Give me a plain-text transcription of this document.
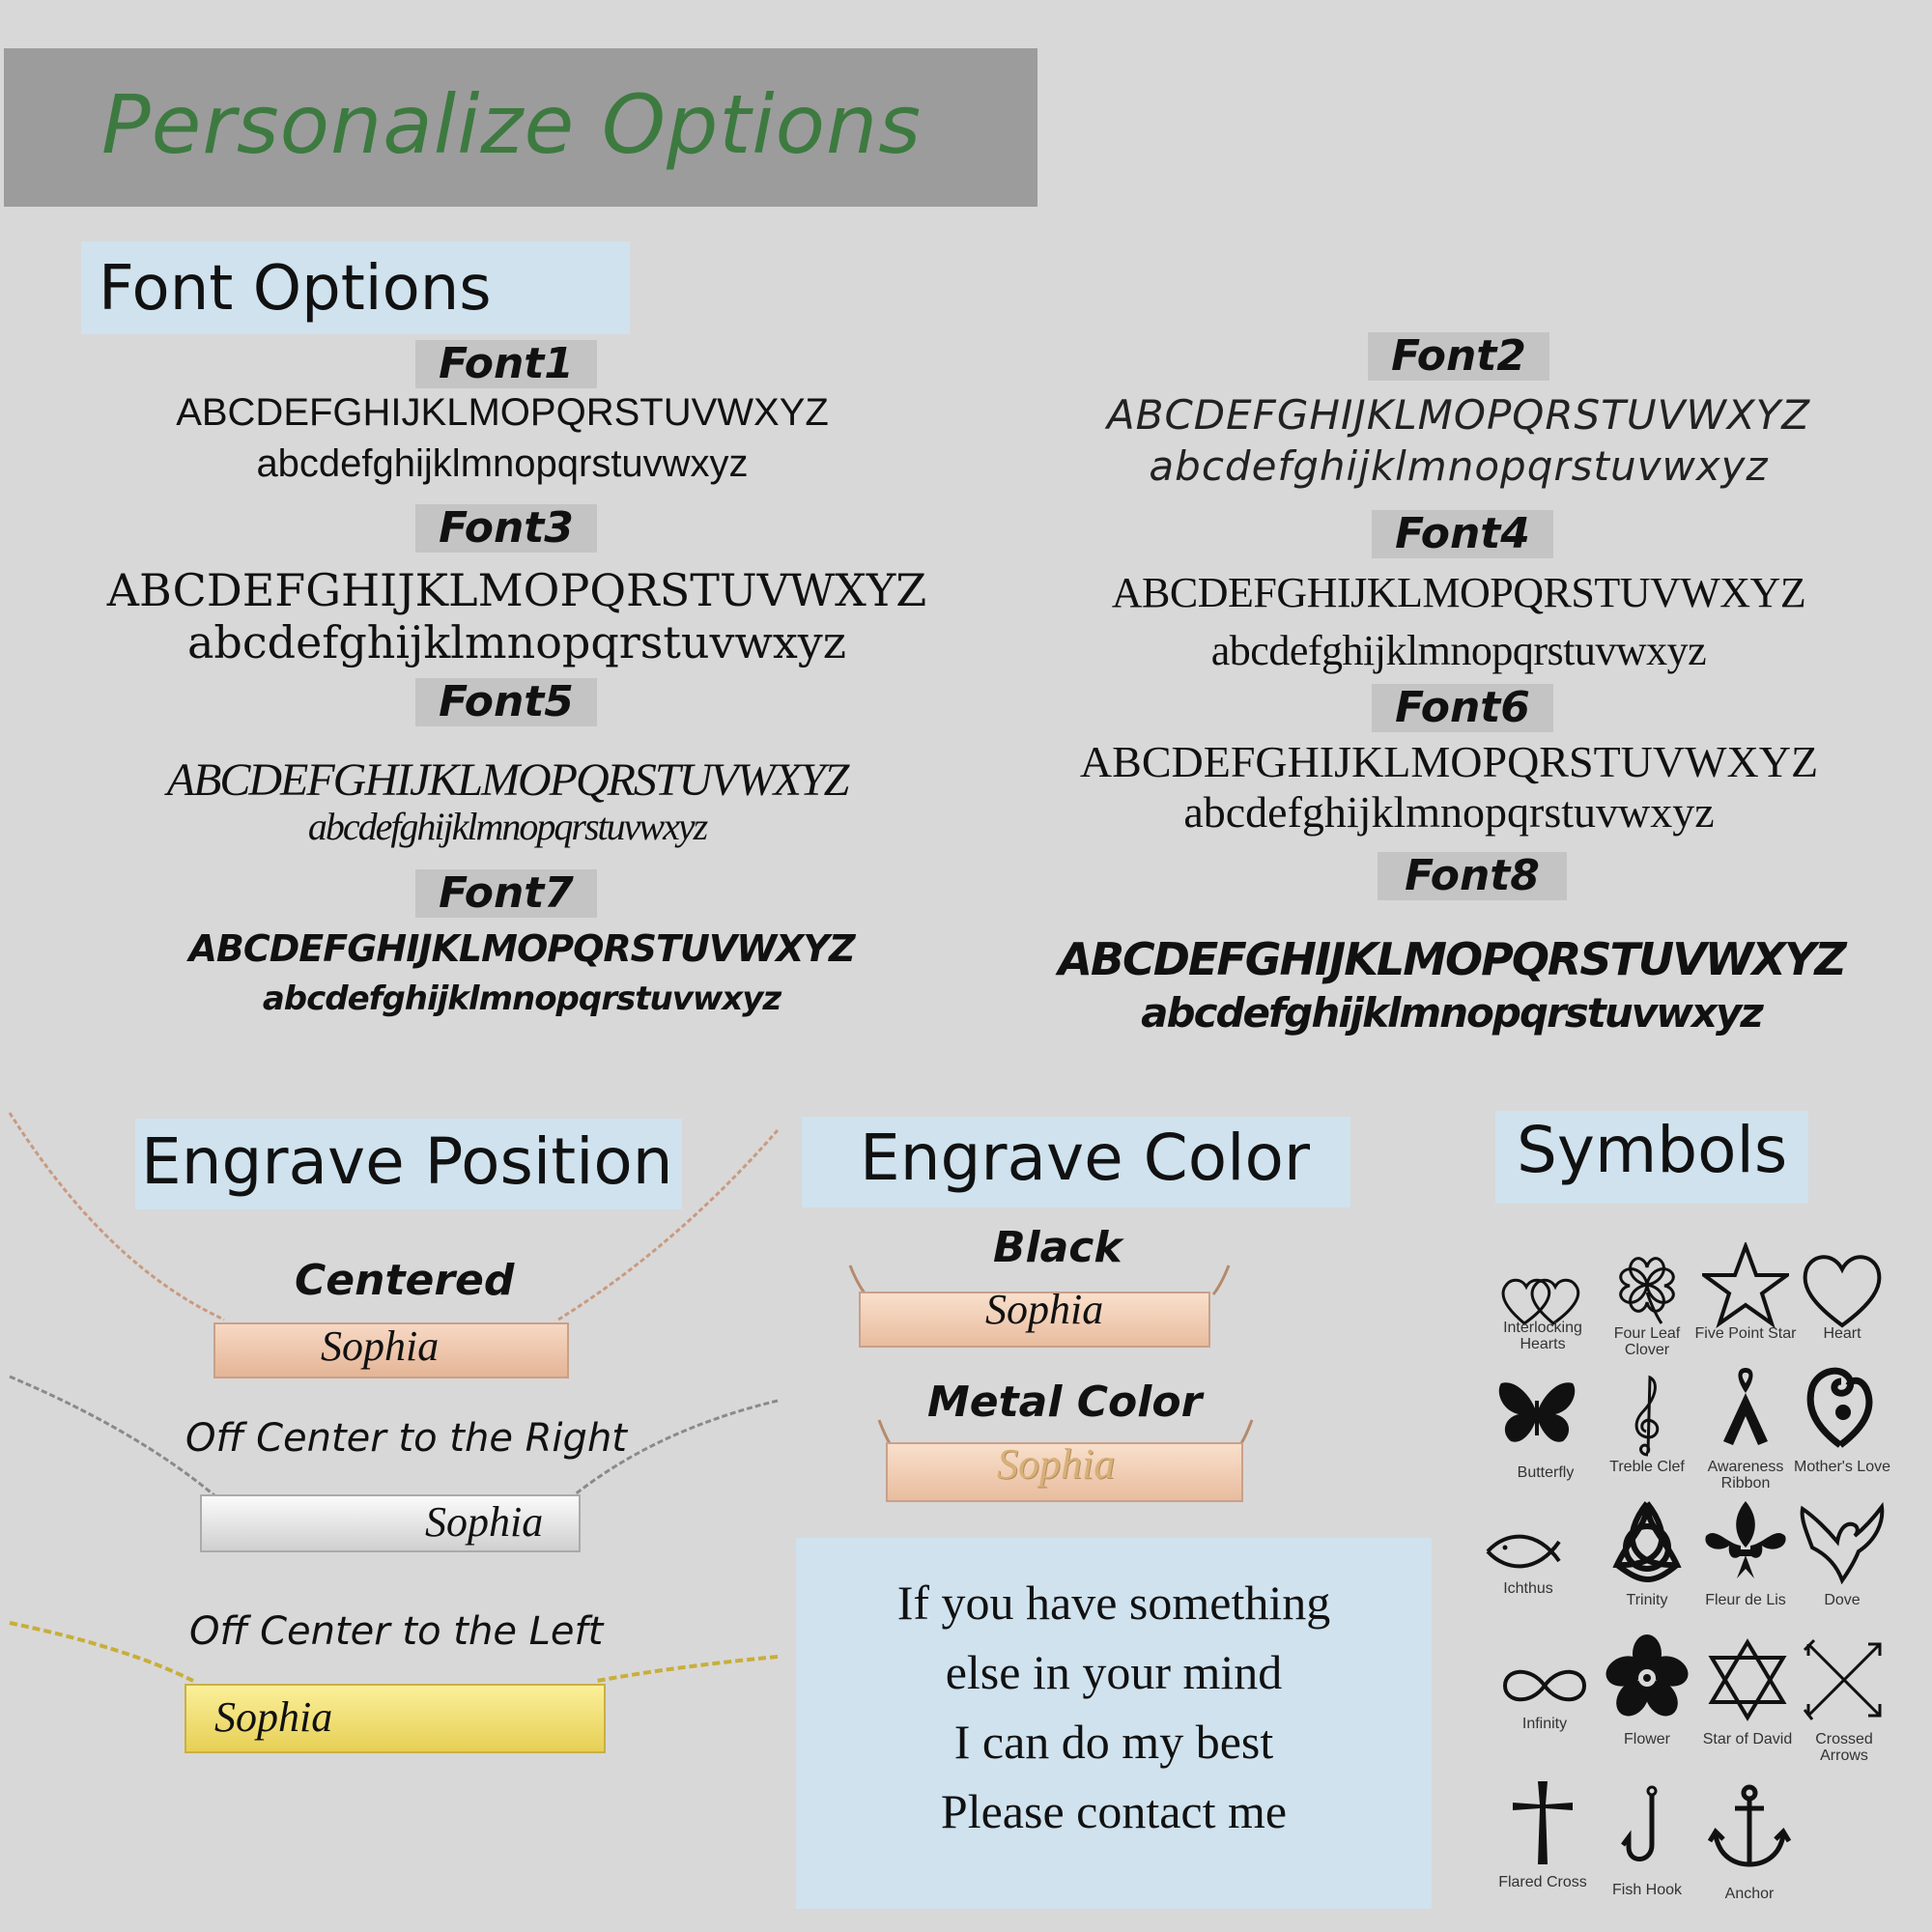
Personalize Options
Font Options
Font1
ABCDEFGHIJKLMOPQRSTUVWXYZ
abcdefghijklmnopqrstuvwxyz
Font2
ABCDEFGHIJKLMOPQRSTUVWXYZ
abcdefghijklmnopqrstuvwxyz
Font3
ABCDEFGHIJKLMOPQRSTUVWXYZ
abcdefghijklmnopqrstuvwxyz
Font4
ABCDEFGHIJKLMOPQRSTUVWXYZ
abcdefghijklmnopqrstuvwxyz
Font5
ABCDEFGHIJKLMOPQRSTUVWXYZ
abcdefghijklmnopqrstuvwxyz
Font6
ABCDEFGHIJKLMOPQRSTUVWXYZ
abcdefghijklmnopqrstuvwxyz
Font7
ABCDEFGHIJKLMOPQRSTUVWXYZ
abcdefghijklmnopqrstuvwxyz
Font8
ABCDEFGHIJKLMOPQRSTUVWXYZ
abcdefghijklmnopqrstuvwxyz
Engrave Position
Centered
Sophia
Off Center to the Right
Sophia
Off Center to the Left
Sophia
Engrave Color
Black
Sophia
Metal Color
Sophia
If you have something
else in your mind
I can do my best
Please contact me
Symbols
Interlocking Hearts
Four Leaf Clover
Five Point Star	Heart
Butterfly	Treble Clef	Awareness Ribbon
Mother's Love
Ichthus
Trinity	Fleur de Lis	Dove
Infinity
Flower	Star of David	Crossed Arrows
Flared Cross	Fish Hook	Anchor
